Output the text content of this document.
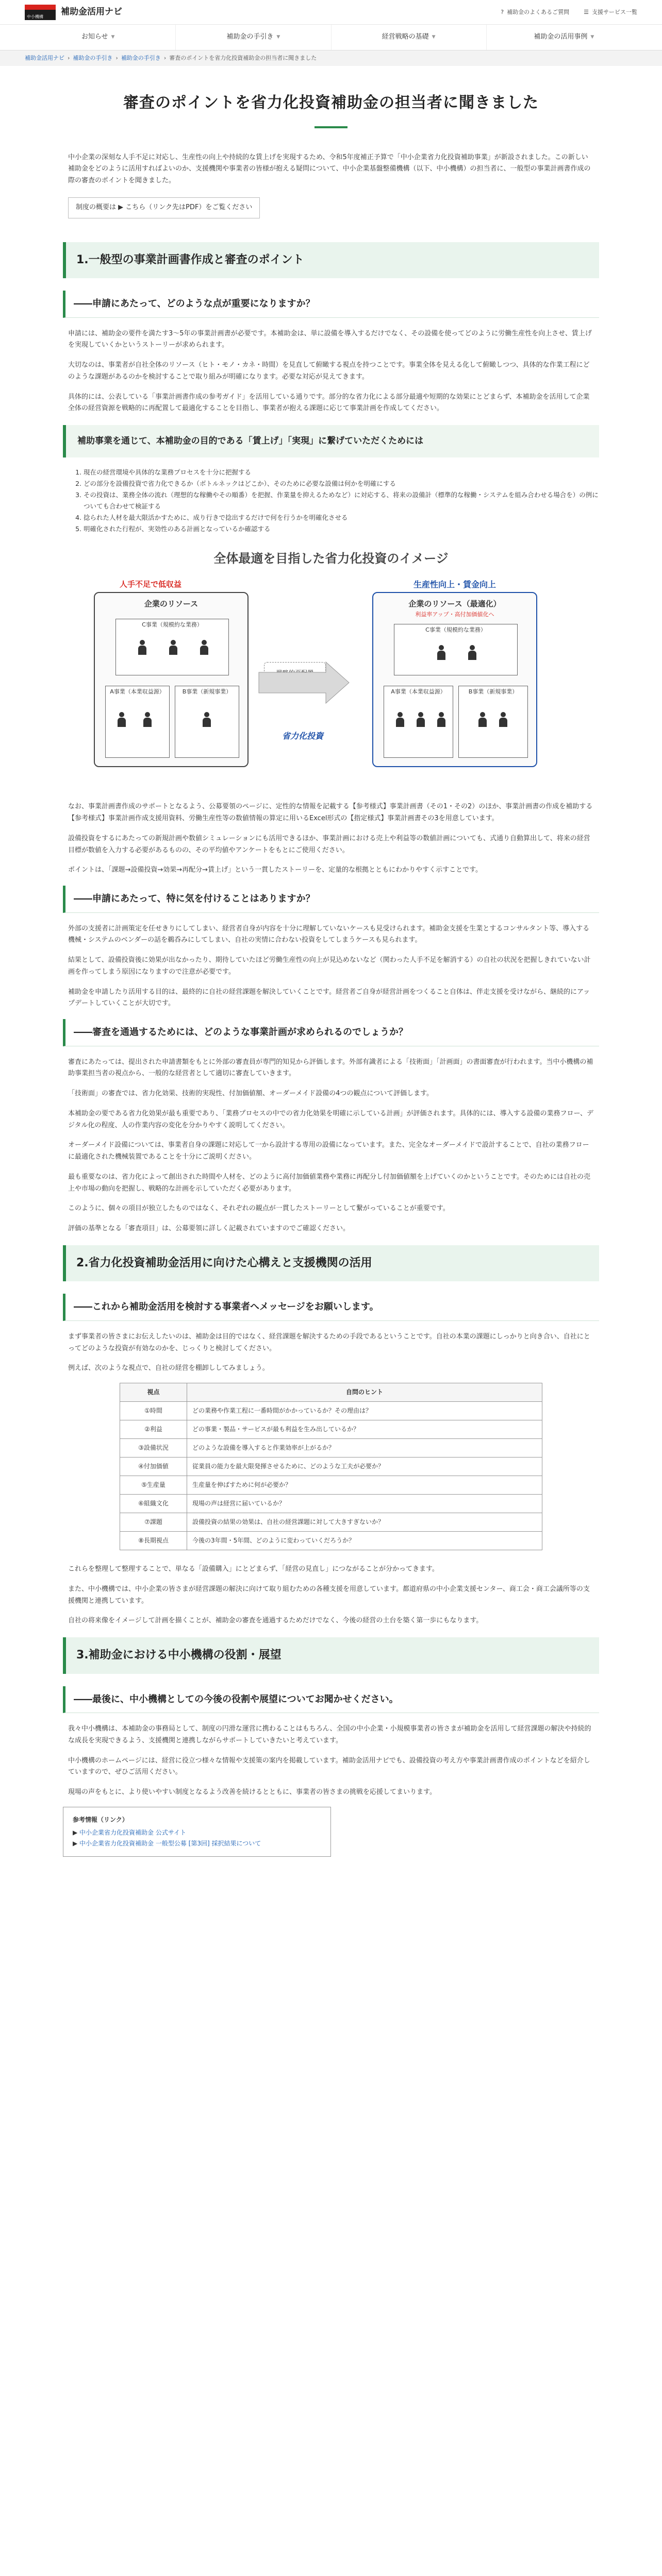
中小機構 補助金活用ナビ	? 補助金のよくあるご質問	☰ 支援サービス一覧
お知らせ ▼	補助金の手引き ▼	経営戦略の基礎 ▼	補助金の活用事例 ▼
補助金活用ナビ › 補助金の手引き › 補助金の手引き › 審査のポイントを省力化投資補助金の担当者に聞きました
審査のポイントを省力化投資補助金の担当者に聞きました

中小企業の深刻な人手不足に対応し、生産性の向上や持続的な賃上げを実現するため、令和5年度補正予算で「中小企業省力化投資補助事業」が新設されました。この新しい補助金をどのように活用すればよいのか、支援機関や事業者の皆様が抱える疑問について、中小企業基盤整備機構（以下、中小機構）の担当者に、一般型の事業計画書作成の際の審査のポイントを聞きました。

制度の概要は ▶ こちら（リンク先はPDF）をご覧ください
1.一般型の事業計画書作成と審査のポイント
――申請にあたって、どのような点が重要になりますか？

申請には、補助金の要件を満たす3～5年の事業計画書が必要です。本補助金は、単に設備を導入するだけでなく、その設備を使ってどのように労働生産性を向上させ、賃上げを実現していくかというストーリーが求められます。

大切なのは、事業者が自社全体のリソース（ヒト・モノ・カネ・時間）を見直して俯瞰する視点を持つことです。事業全体を見える化して俯瞰しつつ、具体的な作業工程にどのような課題があるのかを検討することで取り組みが明確になります。必要な対応が見えてきます。

具体的には、公表している「事業計画書作成の参考ガイド」を活用している通りです。部分的な省力化による部分最適や短期的な効果にとどまらず、本補助金を活用して企業全体の経営資源を戦略的に再配置して最適化することを目指し、事業者が抱える課題に応じて事業計画を作成してください。

補助事業を通じて、本補助金の目的である「賃上げ」「実現」に繋げていただくためには
1. 現在の経営環境や具体的な業務プロセスを十分に把握する
2. どの部分を設備投資で省力化できるか（ボトルネックはどこか）、そのために必要な設備は何かを明確にする
3. その投資は、業務全体の流れ（理想的な稼働やその順番）を把握、作業量を抑えるためなど）に対応する、将来の設備計（標準的な稼働・システムを組み合わせる場合を）の例についても合わせて検証する
4. 捻られた人材を最大限活かすために、成り行きで捻出するだけで何を行うかを明確化させる
5. 明確化された行程が、実効性のある計画となっているか確認する
全体最適を目指した省力化投資のイメージ
人手不足で低収益
企業のリソース
C事業（規模約な業務）
A事業（本業収益源）	B事業（新規事業）
省力化投資
生産性向上・賃金向上
企業のリソース（最適化）
利益率アップ・高付加価値化へ
C事業（規模約な業務）
A事業（本業収益源）	B事業（新規事業）

なお、事業計画書作成のサポートとなるよう、公募要領のページに、定性的な情報を記載する【参考様式】事業計画書（その1・その2）のほか、事業計画書の作成を補助する【参考様式】事業計画作成支援用資料、労働生産性等の数値情報の算定に用いるExcel形式の【指定様式】事業計画書その3を用意しています。

設備投資をするにあたっての新規計画や数値シミュレーションにも活用できるほか、事業計画における売上や利益等の数値計画についても、式通り自動算出して、将来の経営目標が数値を入力する必要があるものの、その平均値やアンケートをもとにご使用ください。

ポイントは、「課題→設備投資→効果→再配分→賃上げ」という一貫したストーリーを、定量的な根拠とともにわかりやすく示すことです。

――申請にあたって、特に気を付けることはありますか？

外部の支援者に計画策定を任せきりにしてしまい、経営者自身が内容を十分に理解していないケースも見受けられます。補助金支援を生業とするコンサルタント等、導入する機械・システムのベンダーの話を鵜呑みにしてしまい、自社の実情に合わない投資をしてしまうケースも見られます。

結果として、設備投資後に効果が出なかったり、期待していたほど労働生産性の向上が見込めないなど（関わった人手不足を解消する）の自社の状況を把握しきれていない計画を作ってしまう原因になりますので注意が必要です。

補助金を申請したり活用する目的は、最終的に自社の経営課題を解決していくことです。経営者ご自身が経営計画をつくること自体は、伴走支援を受けながら、継続的にアップデートしていくことが大切です。

――審査を通過するためには、どのような事業計画が求められるのでしょうか？

審査にあたっては、提出された申請書類をもとに外部の審査員が専門的知見から評価します。外部有識者による「技術面」「計画面」の書面審査が行われます。当中小機構の補助事業担当者の視点から、一般的な経営者として適切に審査していきます。

「技術面」の審査では、省力化効果、技術的実現性、付加価値額、オーダーメイド設備の4つの観点について評価します。

本補助金の要である省力化効果が最も重要であり、「業務プロセスの中での省力化効果を明確に示している計画」が評価されます。具体的には、導入する設備の業務フロー、デジタル化の程度、人の作業内容の変化を分かりやすく説明してください。

オーダーメイド設備については、事業者自身の課題に対応して一から設計する専用の設備になっています。また、完全なオーダーメイドで設計することで、自社の業務フローに最適化された機械装置であることを十分にご説明ください。

最も重要なのは、省力化によって創出された時間や人材を、どのように高付加価値業務や業務に再配分し付加価値額を上げていくのかということです。そのためには自社の売上や市場の動向を把握し、戦略的な計画を示していただく必要があります。

このように、個々の項目が独立したものではなく、それぞれの観点が一貫したストーリーとして繋がっていることが重要です。

評価の基準となる「審査項目」は、公募要領に詳しく記載されていますのでご確認ください。

2.省力化投資補助金活用に向けた心構えと支援機関の活用
――これから補助金活用を検討する事業者へメッセージをお願いします。

まず事業者の皆さまにお伝えしたいのは、補助金は目的ではなく、経営課題を解決するための手段であるということです。自社の本業の課題にしっかりと向き合い、自社にとってどのような投資が有効なのかを、じっくりと検討してください。

例えば、次のような視点で、自社の経営を棚卸ししてみましょう。

視点	自問のヒント
①時間	どの業務や作業工程に一番時間がかかっているか？その理由は？
②利益	どの事業・製品・サービスが最も利益を生み出しているか？
③設備状況	どのような設備を導入すると作業効率が上がるか？
④付加価値	従業員の能力を最大限発揮させるために、どのような工夫が必要か？
⑤生産量	生産量を伸ばすために何が必要か？
⑥組織文化	現場の声は経営に届いているか？
⑦課題	設備投資の結果の効果は、自社の経営課題に対して大きすぎないか？
⑧長期視点	今後の3年間・5年間、どのように変わっていくだろうか？

これらを整理して整理することで、単なる「設備購入」にとどまらず、「経営の見直し」につながることが分かってきます。

また、中小機構では、中小企業の皆さまが経営課題の解決に向けて取り組むための各種支援を用意しています。都道府県の中小企業支援センター、商工会・商工会議所等の支援機関と連携しています。

自社の将来像をイメージして計画を描くことが、補助金の審査を通過するためだけでなく、今後の経営の土台を築く第一歩にもなります。

3.補助金における中小機構の役割・展望
――最後に、中小機構としての今後の役割や展望についてお聞かせください。

我々中小機構は、本補助金の事務局として、制度の円滑な運営に携わることはもちろん、全国の中小企業・小規模事業者の皆さまが補助金を活用して経営課題の解決や持続的な成長を実現できるよう、支援機関と連携しながらサポートしていきたいと考えています。

中小機構のホームページには、経営に役立つ様々な情報や支援策の案内を掲載しています。補助金活用ナビでも、設備投資の考え方や事業計画書作成のポイントなどを紹介していますので、ぜひご活用ください。

現場の声をもとに、より使いやすい制度となるよう改善を続けるとともに、事業者の皆さまの挑戦を応援してまいります。

参考情報（リンク）
▶ 中小企業省力化投資補助金 公式サイト
▶ 中小企業省力化投資補助金 一般型公募 [第3回] 採択結果について
